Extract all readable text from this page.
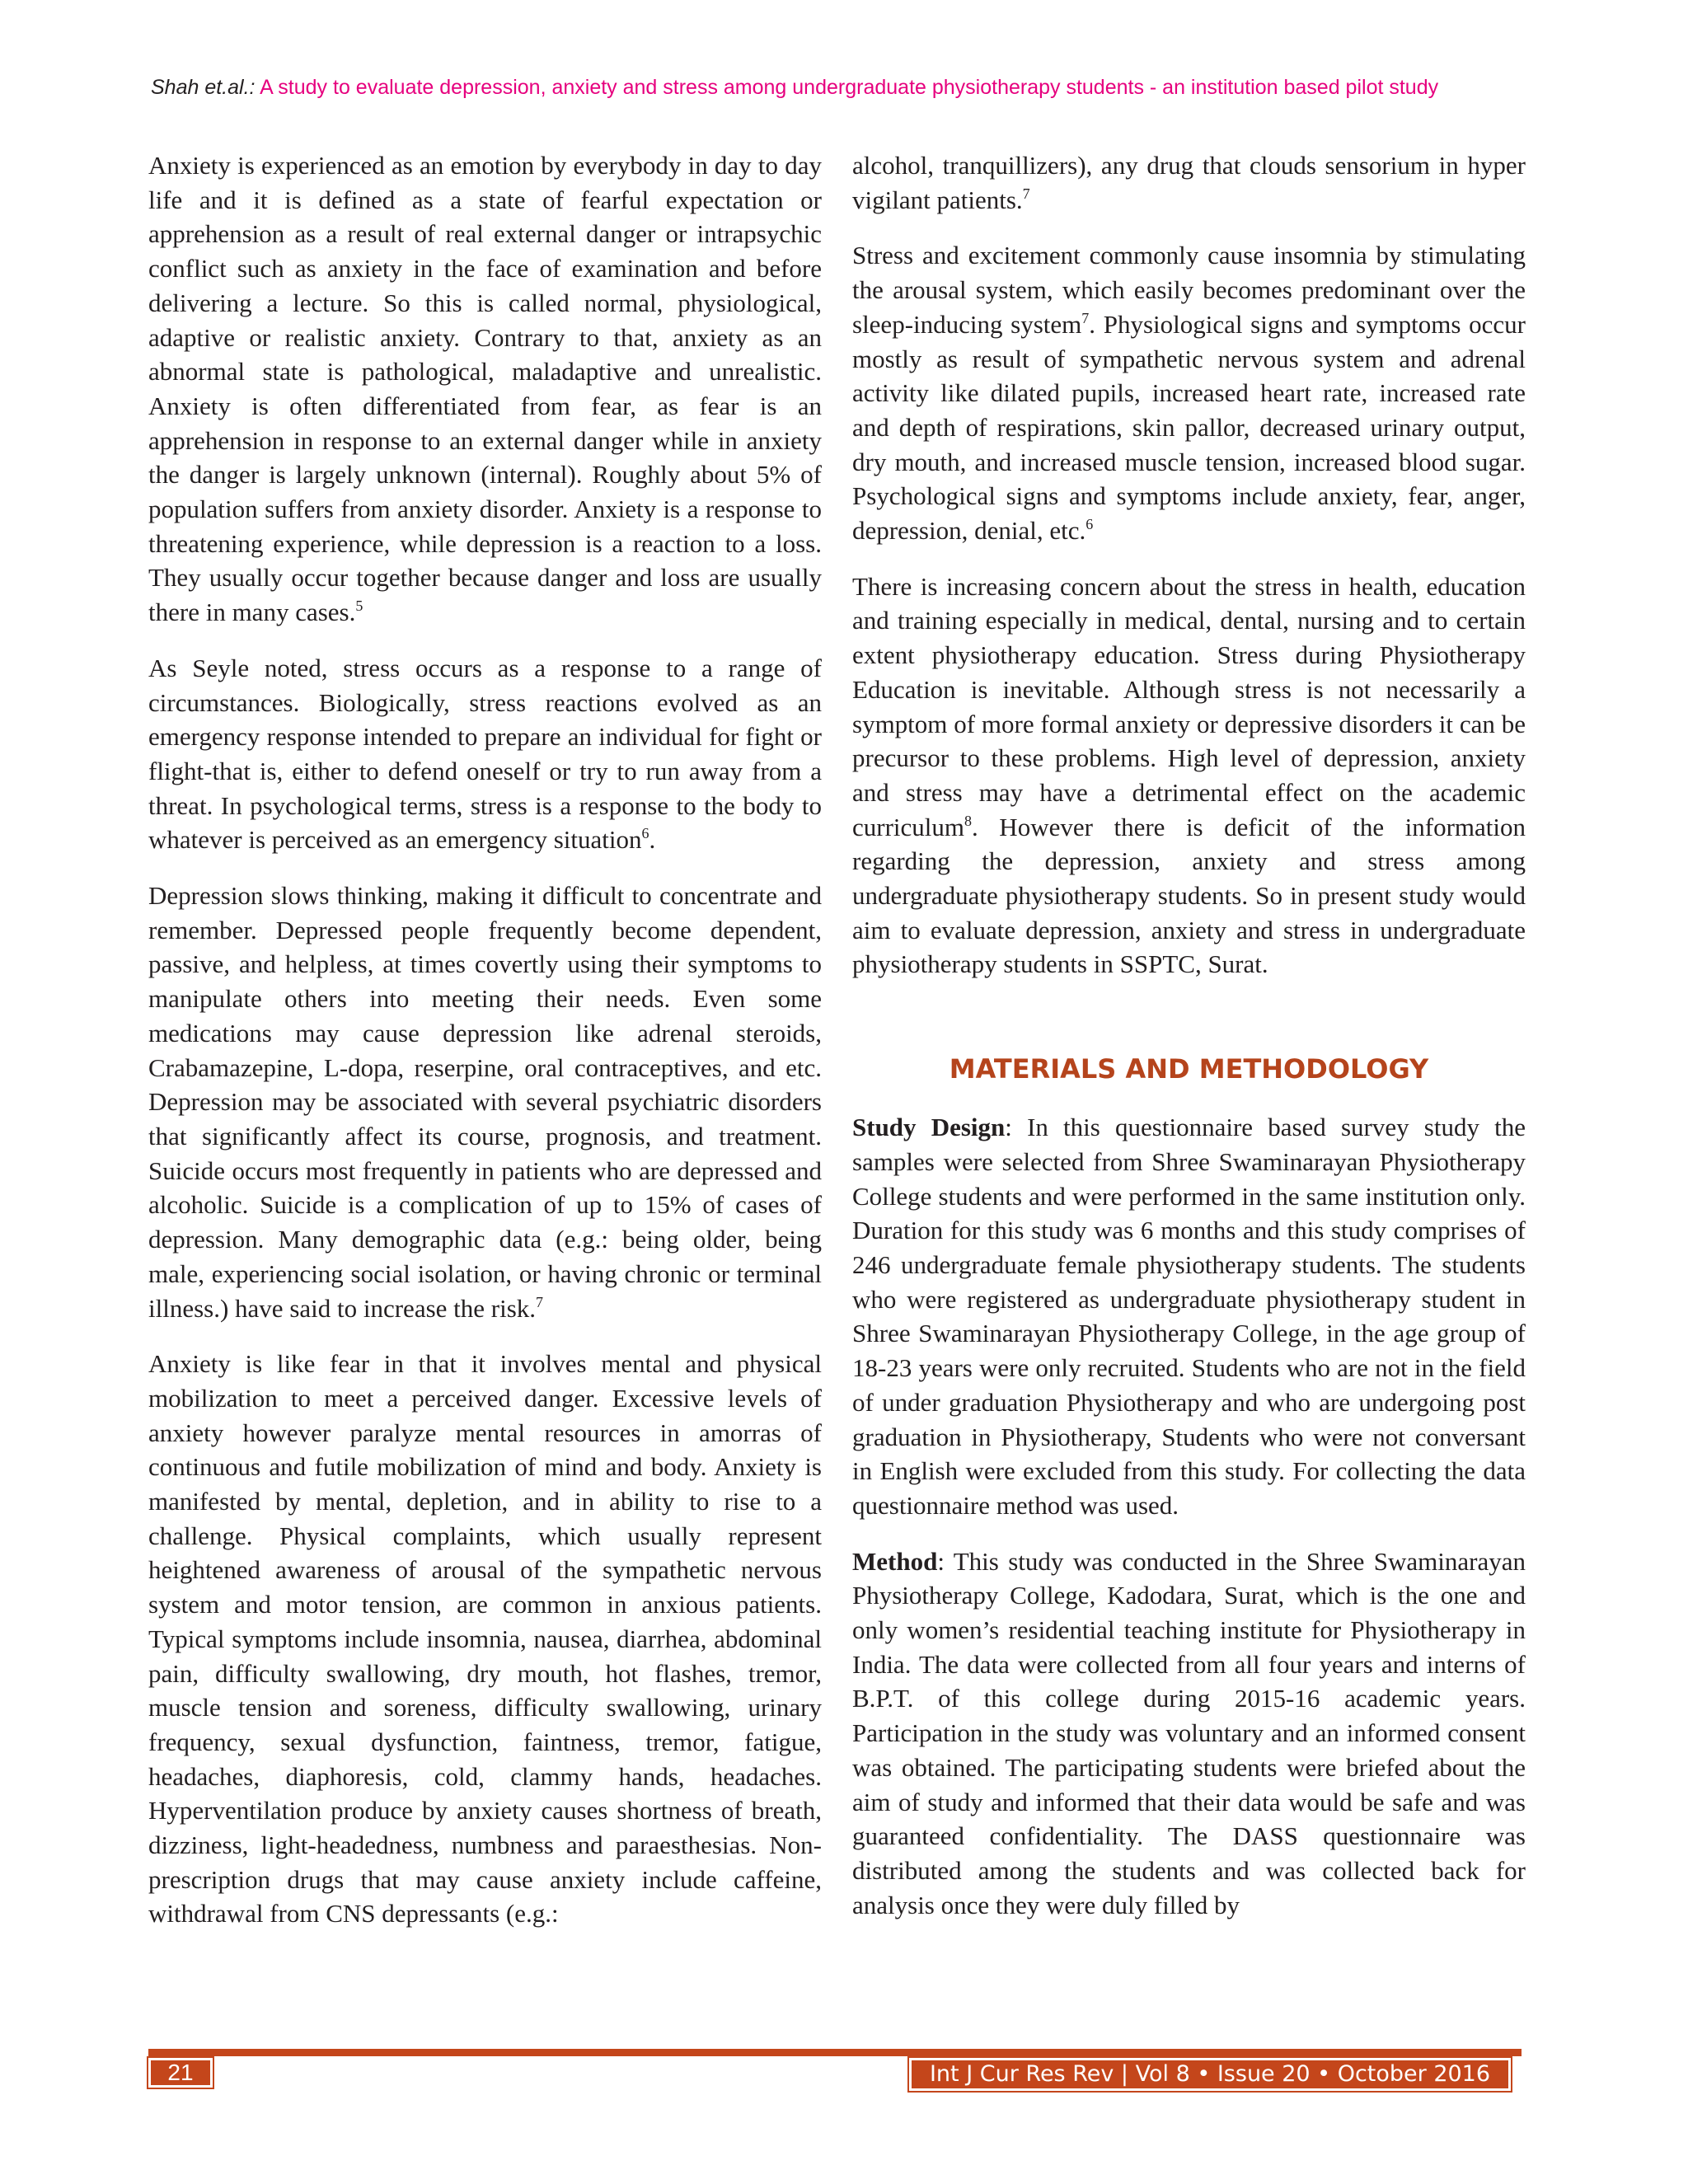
Shah et.al.: A study to evaluate depression, anxiety and stress among undergraduate physiotherapy students - an institution based pilot study

Anxiety is experienced as an emotion by everybody in day to day life and it is defined as a state of fearful expectation or apprehension as a result of real external danger or intrapsychic conflict such as anxiety in the face of examination and before delivering a lecture. So this is called normal, physiological, adaptive or realistic anxiety. Contrary to that, anxiety as an abnormal state is pathological, maladaptive and unrealistic. Anxiety is often differentiated from fear, as fear is an apprehension in response to an external danger while in anxiety the danger is largely unknown (internal). Roughly about 5% of population suffers from anxiety disorder. Anxiety is a response to threatening experience, while depression is a reaction to a loss. They usually occur together because danger and loss are usually there in many cases.$^5$

As Seyle noted, stress occurs as a response to a range of circumstances. Biologically, stress reactions evolved as an emergency response intended to prepare an individual for fight or flight-that is, either to defend oneself or try to run away from a threat. In psychological terms, stress is a response to the body to whatever is perceived as an emergency situation$^6$.

Depression slows thinking, making it difficult to concentrate and remember. Depressed people frequently become dependent, passive, and helpless, at times covertly using their symptoms to manipulate others into meeting their needs. Even some medications may cause depression like adrenal steroids, Crabamazepine, L-dopa, reserpine, oral contraceptives, and etc. Depression may be associated with several psychiatric disorders that significantly affect its course, prognosis, and treatment. Suicide occurs most frequently in patients who are depressed and alcoholic. Suicide is a complication of up to 15% of cases of depression. Many demographic data (e.g.: being older, being male, experiencing social isolation, or having chronic or terminal illness.) have said to increase the risk.$^7$

Anxiety is like fear in that it involves mental and physical mobilization to meet a perceived danger. Excessive levels of anxiety however paralyze mental resources in amorras of continuous and futile mobilization of mind and body. Anxiety is manifested by mental, depletion, and in ability to rise to a challenge. Physical complaints, which usually represent heightened awareness of arousal of the sympathetic nervous system and motor tension, are common in anxious patients. Typical symptoms include insomnia, nausea, diarrhea, abdominal pain, difficulty swallowing, dry mouth, hot flashes, tremor, muscle tension and soreness, difficulty swallowing, urinary frequency, sexual dysfunction, faintness, tremor, fatigue, headaches, diaphoresis, cold, clammy hands, headaches. Hyperventilation produce by anxiety causes shortness of breath, dizziness, light-headedness, numbness and paraesthesias. Non-prescription drugs that may cause anxiety include caffeine, withdrawal from CNS depressants (e.g.:

alcohol, tranquillizers), any drug that clouds sensorium in hyper vigilant patients.$^7$

Stress and excitement commonly cause insomnia by stimulating the arousal system, which easily becomes predominant over the sleep-inducing system$^7$. Physiological signs and symptoms occur mostly as result of sympathetic nervous system and adrenal activity like dilated pupils, increased heart rate, increased rate and depth of respirations, skin pallor, decreased urinary output, dry mouth, and increased muscle tension, increased blood sugar. Psychological signs and symptoms include anxiety, fear, anger, depression, denial, etc.$^6$

There is increasing concern about the stress in health, education and training especially in medical, dental, nursing and to certain extent physiotherapy education. Stress during Physiotherapy Education is inevitable. Although stress is not necessarily a symptom of more formal anxiety or depressive disorders it can be precursor to these problems. High level of depression, anxiety and stress may have a detrimental effect on the academic curriculum$^8$. However there is deficit of the information regarding the depression, anxiety and stress among undergraduate physiotherapy students. So in present study would aim to evaluate depression, anxiety and stress in undergraduate physiotherapy students in SSPTC, Surat.

MATERIALS AND METHODOLOGY

Study Design: In this questionnaire based survey study the samples were selected from Shree Swaminarayan Physiotherapy College students and were performed in the same institution only. Duration for this study was 6 months and this study comprises of 246 undergraduate female physiotherapy students. The students who were registered as undergraduate physiotherapy student in Shree Swaminarayan Physiotherapy College, in the age group of 18-23 years were only recruited. Students who are not in the field of under graduation Physiotherapy and who are undergoing post graduation in Physiotherapy, Students who were not conversant in English were excluded from this study. For collecting the data questionnaire method was used.

Method: This study was conducted in the Shree Swaminarayan Physiotherapy College, Kadodara, Surat, which is the one and only women’s residential teaching institute for Physiotherapy in India. The data were collected from all four years and interns of B.P.T. of this college during 2015-16 academic years. Participation in the study was voluntary and an informed consent was obtained. The participating students were briefed about the aim of study and informed that their data would be safe and was guaranteed confidentiality. The DASS questionnaire was distributed among the students and was collected back for analysis once they were duly filled by

21	Int J Cur Res Rev | Vol 8 • Issue 20 • October 2016
